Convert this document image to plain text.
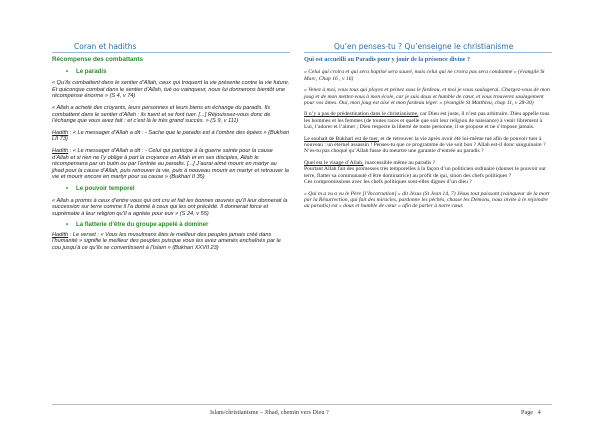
Coran et hadiths	Qu’en penses-tu ? Qu’enseigne le christianisme

Récompense des combattants

• Le paradis

« Qu’ils combattent dans le sentier d’Allah, ceux qui troquent la vie présente contre la vie future. Et quiconque combat dans le sentier d’Allah, tué ou vainqueur, nous lui donnerons bientôt une récompense énorme » (S 4, v 74)

« Allah a acheté des croyants, leurs personnes et leurs biens en échange du paradis. Ils combattent dans le sentier d’Allah : ils tuent et se font tuer. [...] Réjouissez-vous donc de l’échange que vous avez fait : et c’est là le très grand succès. » (S 9, v 111)

Hadith : « Le messager d’Allah a dit : - Sache que le paradis est à l’ombre des épées » (Bukhari LII 73)

Hadith : « Le messager d’Allah a dit : - Celui qui participe à la guerre sainte pour la cause d’Allah et si rien ne l’y oblige à part la croyance en Allah et en ses disciples, Allah le récompensera par un butin ou par l’entrée au paradis. [...] J’aurai aimé mourir en martyr au jihad pour la cause d’Allah, puis retrouver la vie, puis à nouveau mourir en martyr et retrouver la vie et mourir encore en martyr pour sa cause » (Bukhari II 35)

• Le pouvoir temporel

« Allah a promis à ceux d’entre vous qui ont cru et fait les bonnes œuvres qu’Il leur donnerait la succession sur terre comme il l’a donné à ceux qui les ont précédé. Il donnerait force et suprématie à leur religion qu’Il a agréée pour eux » (S 24, v 55)

• La flatterie d’être du groupe appelé à dominer

Hadith : Le verset : « Vous les musulmans êtes le meilleur des peuples jamais créé dans l’humanité » signifie le meilleur des peuples puisque vous les avez amenés enchaînés par le cou jusqu’à ce qu’ils se convertissent à l’Islam » (Bukhari XXVII 23)

Qui est accueilli au Paradis pour y jouir de la présence divine ?

« Celui qui croira et qui sera baptisé sera sauvé, mais celui qui ne croira pas sera condamné » (évangile St Marc, Chap 16 , v 16)

« Venez à moi, vous tous qui ployez et peinez sous le fardeau, et moi je vous soulagerai. Chargez-vous de mon joug et de mon mettez-vous à mon école, car je suis doux et humble de cœur, et vous trouverez soulagement pour vos âmes. Oui, mon joug est aisé et mon fardeau léger. » (évangile St Matthieu, chap 11, v 28-30)

Il n’y a pas de prédestination dans le christianisme, car Dieu est juste, il n’est pas arbitraire. Dieu appelle tous les hommes et les femmes (de toutes races et quelle que soit leur religion de naissance) à venir librement à Lui, l’adorer et l’aimer ; Dieu respecte la liberté de toute personne, il se propose et ne s’impose jamais.

Le souhait de Bukhari est de tuer, et de retrouver la vie après avoir été lui-même tué afin de pouvoir tuer à nouveau : un éternel assassin ! Penses-tu que ce programme de vie soit bon ? Allah est-il donc sanguinaire ? N’es-tu pas choqué qu’Allah fasse du meurtre une garantie d’entrée au paradis ?

Quel est le visage d’Allah, inaccessible même au paradis ?

Pourtant Allah fait des promesses très temporelles à la façon d’un politicien ordinaire (donner le pouvoir sur terre, flatter sa communauté d’être dominatrice) au profit de qui, sinon des chefs politiques ?

Ces compromissions avec les chefs politiques sont-elles dignes d’un dieu ?

« Qui m a vu a vu le Père [l’Incarnation] » dit Jésus (St Jean 14, 7) Jésus tout puissant (vainqueur de la mort par la Résurrection, qui fait des miracles, pardonne les péchés, chasse les Démons, nous invite à le rejoindre au paradis) est « doux et humble de cœur » afin de parler à notre cœur.

Islam/christianisme – Jihad, chemin vers Dieu ?	Page 4
